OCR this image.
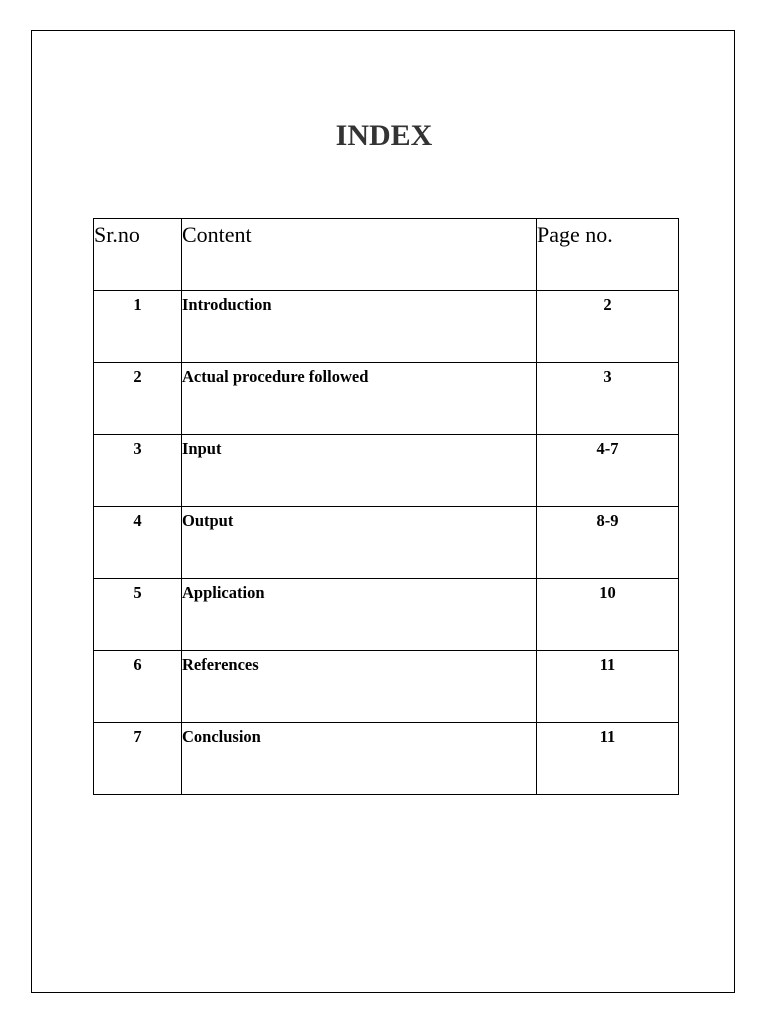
INDEX
Sr.no	Content	Page no.
1	Introduction	2
2	Actual procedure followed	3
3	Input	4-7
4	Output	8-9
5	Application	10
6	References	11
7	Conclusion	11
